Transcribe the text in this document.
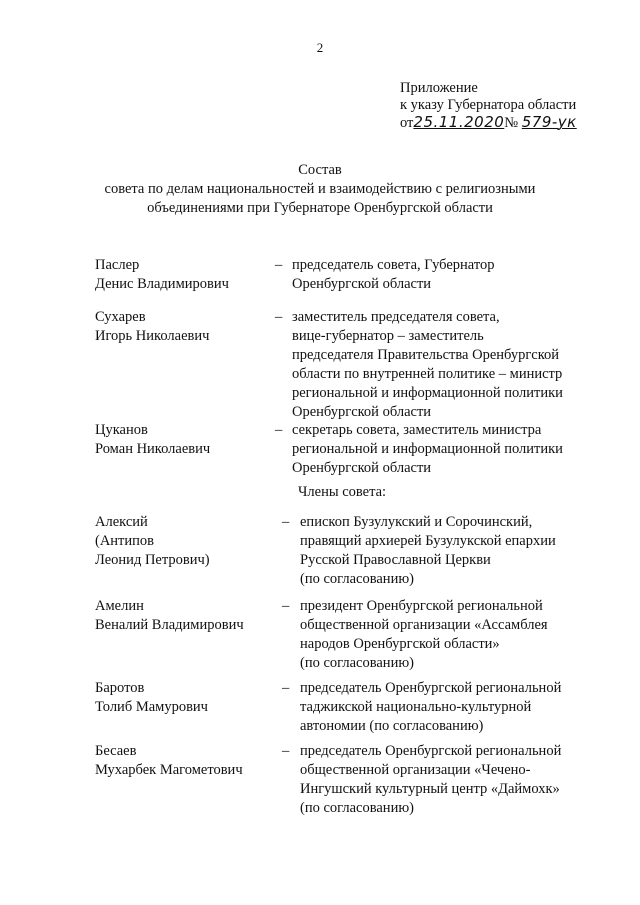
2
Приложение
к указу Губернатора области
от25.11.2020№ 579-ук
Состав
совета по делам национальностей и взаимодействию с религиозными
объединениями при Губернаторе Оренбургской области
Паслер
Денис Владимирович
– председатель совета, Губернатор
Оренбургской области
Сухарев
Игорь Николаевич
– заместитель председателя совета,
вице-губернатор – заместитель
председателя Правительства Оренбургской
области по внутренней политике – министр
региональной и информационной политики
Оренбургской области
Цуканов
Роман Николаевич
– секретарь совета, заместитель министра
региональной и информационной политики
Оренбургской области
Члены совета:
Алексий
(Антипов
Леонид Петрович)
– епископ Бузулукский и Сорочинский,
правящий архиерей Бузулукской епархии
Русской Православной Церкви
(по согласованию)
Амелин
Веналий Владимирович
– президент Оренбургской региональной
общественной организации «Ассамблея
народов Оренбургской области»
(по согласованию)
Баротов
Толиб Мамурович
– председатель Оренбургской региональной
таджикской национально-культурной
автономии (по согласованию)
Бесаев
Мухарбек Магометович
– председатель Оренбургской региональной
общественной организации «Чечено-
Ингушский культурный центр «Даймохк»
(по согласованию)
